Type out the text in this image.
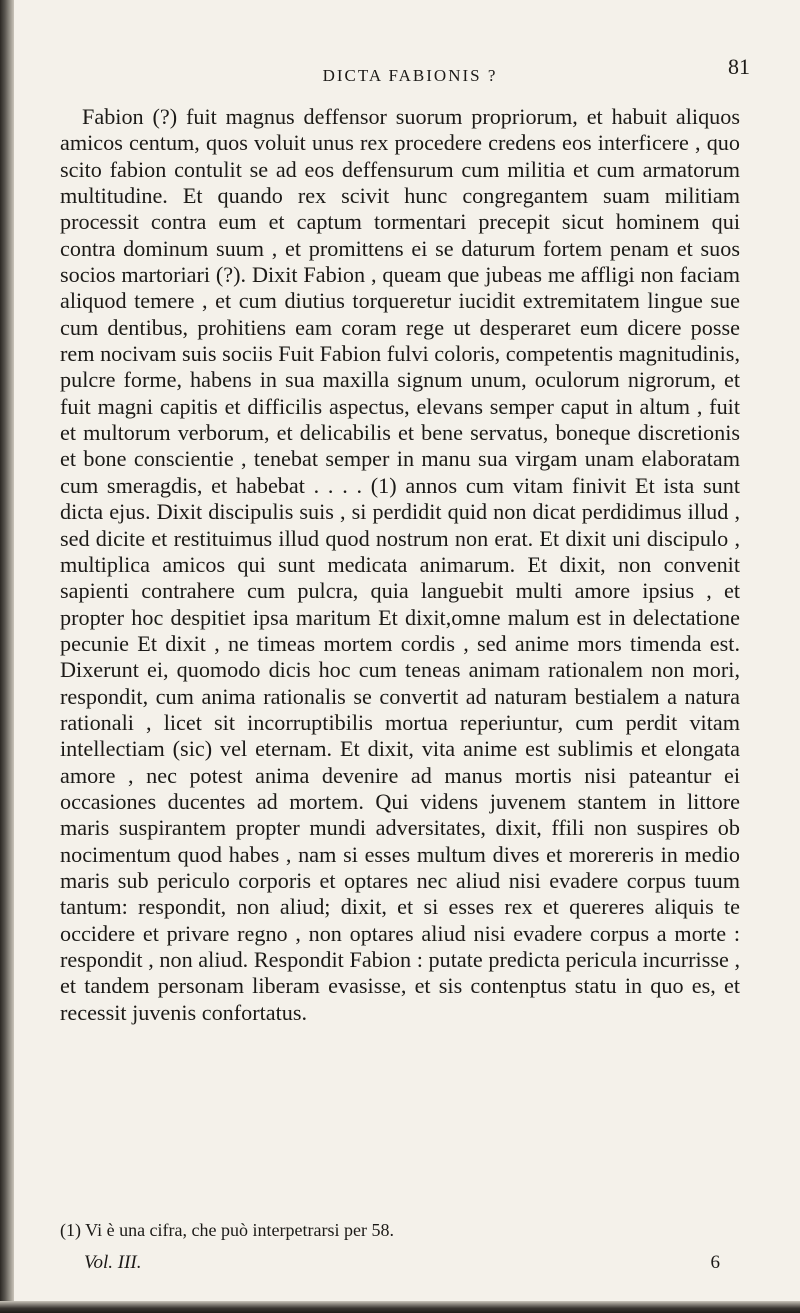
DICTA FABIONIS ?	81
Fabion (?) fuit magnus deffensor suorum propriorum, et habuit aliquos amicos centum, quos voluit unus rex procedere credens eos interficere , quo scito fabion contulit se ad eos deffensurum cum militia et cum armatorum multitudine. Et quando rex scivit hunc congregantem suam militiam processit contra eum et captum tormentari precepit sicut hominem qui contra dominum suum , et promittens ei se daturum fortem penam et suos socios martoriari (?). Dixit Fabion , queam que jubeas me affligi non faciam aliquod temere , et cum diutius torqueretur iucidit extremitatem lingue sue cum dentibus, prohitiens eam coram rege ut desperaret eum dicere posse rem nocivam suis sociis Fuit Fabion fulvi coloris, competentis magnitudinis, pulcre forme, habens in sua maxilla signum unum, oculorum nigrorum, et fuit magni capitis et difficilis aspectus, elevans semper caput in altum , fuit et multorum verborum, et delicabilis et bene servatus, boneque discretionis et bone conscientie , tenebat semper in manu sua virgam unam elaboratam cum smeragdis, et habebat . . . . (1) annos cum vitam finivit Et ista sunt dicta ejus. Dixit discipulis suis , si perdidit quid non dicat perdidimus illud , sed dicite et restituimus illud quod nostrum non erat. Et dixit uni discipulo , multiplica amicos qui sunt medicata animarum. Et dixit, non convenit sapienti contrahere cum pulcra, quia languebit multi amore ipsius , et propter hoc despitiet ipsa maritum Et dixit,omne malum est in delectatione pecunie Et dixit , ne timeas mortem cordis , sed anime mors timenda est. Dixerunt ei, quomodo dicis hoc cum teneas animam rationalem non mori, respondit, cum anima rationalis se convertit ad naturam bestialem a natura rationali , licet sit incorruptibilis mortua reperiuntur, cum perdit vitam intellectiam (sic) vel eternam. Et dixit, vita anime est sublimis et elongata amore , nec potest anima devenire ad manus mortis nisi pateantur ei occasiones ducentes ad mortem. Qui videns juvenem stantem in littore maris suspirantem propter mundi adversitates, dixit, ffili non suspires ob nocimentum quod habes , nam si esses multum dives et morereris in medio maris sub periculo corporis et optares nec aliud nisi evadere corpus tuum tantum: respondit, non aliud; dixit, et si esses rex et quereres aliquis te occidere et privare regno , non optares aliud nisi evadere corpus a morte : respondit , non aliud. Respondit Fabion : putate predicta pericula incurrisse , et tandem personam liberam evasisse, et sis contenptus statu in quo es, et recessit juvenis confortatus.
(1) Vi è una cifra, che può interpetrarsi per 58.
Vol. III.	6
